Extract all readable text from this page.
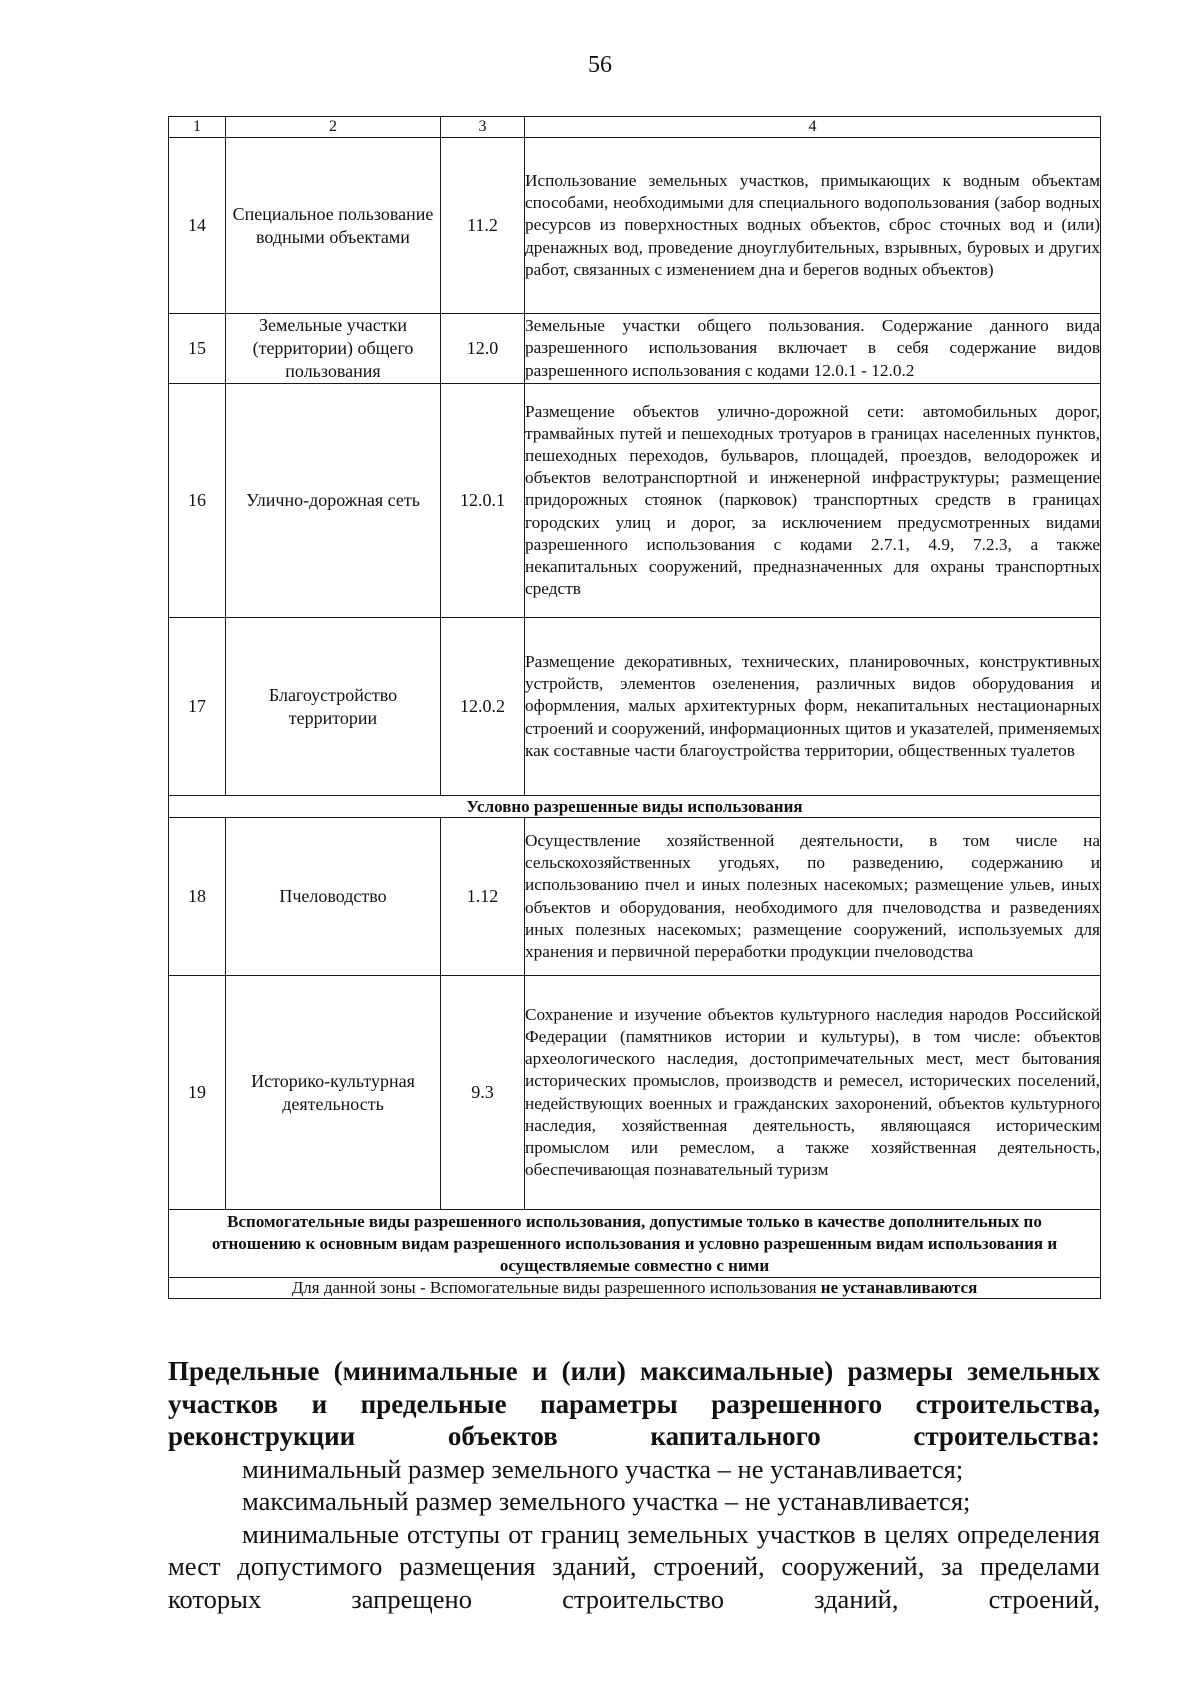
56
1	2	3	4
14	Специальное пользование водными объектами	11.2	Использование земельных участков, примыкающих к водным объектам способами, необходимыми для специального водопользования (забор водных ресурсов из поверхностных водных объектов, сброс сточных вод и (или) дренажных вод, проведение дноуглубительных, взрывных, буровых и других работ, связанных с изменением дна и берегов водных объектов)
15	Земельные участки (территории) общего пользования	12.0	Земельные участки общего пользования. Содержание данного вида разрешенного использования включает в себя содержание видов разрешенного использования с кодами 12.0.1 - 12.0.2
16	Улично-дорожная сеть	12.0.1	Размещение объектов улично-дорожной сети: автомобильных дорог, трамвайных путей и пешеходных тротуаров в границах населенных пунктов, пешеходных переходов, бульваров, площадей, проездов, велодорожек и объектов велотранспортной и инженерной инфраструктуры; размещение придорожных стоянок (парковок) транспортных средств в границах городских улиц и дорог, за исключением предусмотренных видами разрешенного использования с кодами 2.7.1, 4.9, 7.2.3, а также некапитальных сооружений, предназначенных для охраны транспортных средств
17	Благоустройство территории	12.0.2	Размещение декоративных, технических, планировочных, конструктивных устройств, элементов озеленения, различных видов оборудования и оформления, малых архитектурных форм, некапитальных нестационарных строений и сооружений, информационных щитов и указателей, применяемых как составные части благоустройства территории, общественных туалетов
Условно разрешенные виды использования			
18	Пчеловодство	1.12	Осуществление хозяйственной деятельности, в том числе на сельскохозяйственных угодьях, по разведению, содержанию и использованию пчел и иных полезных насекомых; размещение ульев, иных объектов и оборудования, необходимого для пчеловодства и разведениях иных полезных насекомых; размещение сооружений, используемых для хранения и первичной переработки продукции пчеловодства
19	Историко-культурная деятельность	9.3	Сохранение и изучение объектов культурного наследия народов Российской Федерации (памятников истории и культуры), в том числе: объектов археологического наследия, достопримечательных мест, мест бытования исторических промыслов, производств и ремесел, исторических поселений, недействующих военных и гражданских захоронений, объектов культурного наследия, хозяйственная деятельность, являющаяся историческим промыслом или ремеслом, а также хозяйственная деятельность, обеспечивающая познавательный туризм
Вспомогательные виды разрешенного использования, допустимые только в качестве дополнительных по отношению к основным видам разрешенного использования и условно разрешенным видам использования и осуществляемые совместно с ними			
Для данной зоны - Вспомогательные виды разрешенного использования не устанавливаются			
Предельные (минимальные и (или) максимальные) размеры земельных участков и предельные параметры разрешенного строительства, реконструкции объектов капитального строительства:
минимальный размер земельного участка – не устанавливается;
максимальный размер земельного участка – не устанавливается;
минимальные отступы от границ земельных участков в целях определения мест допустимого размещения зданий, строений, сооружений, за пределами которых запрещено строительство зданий, строений,
